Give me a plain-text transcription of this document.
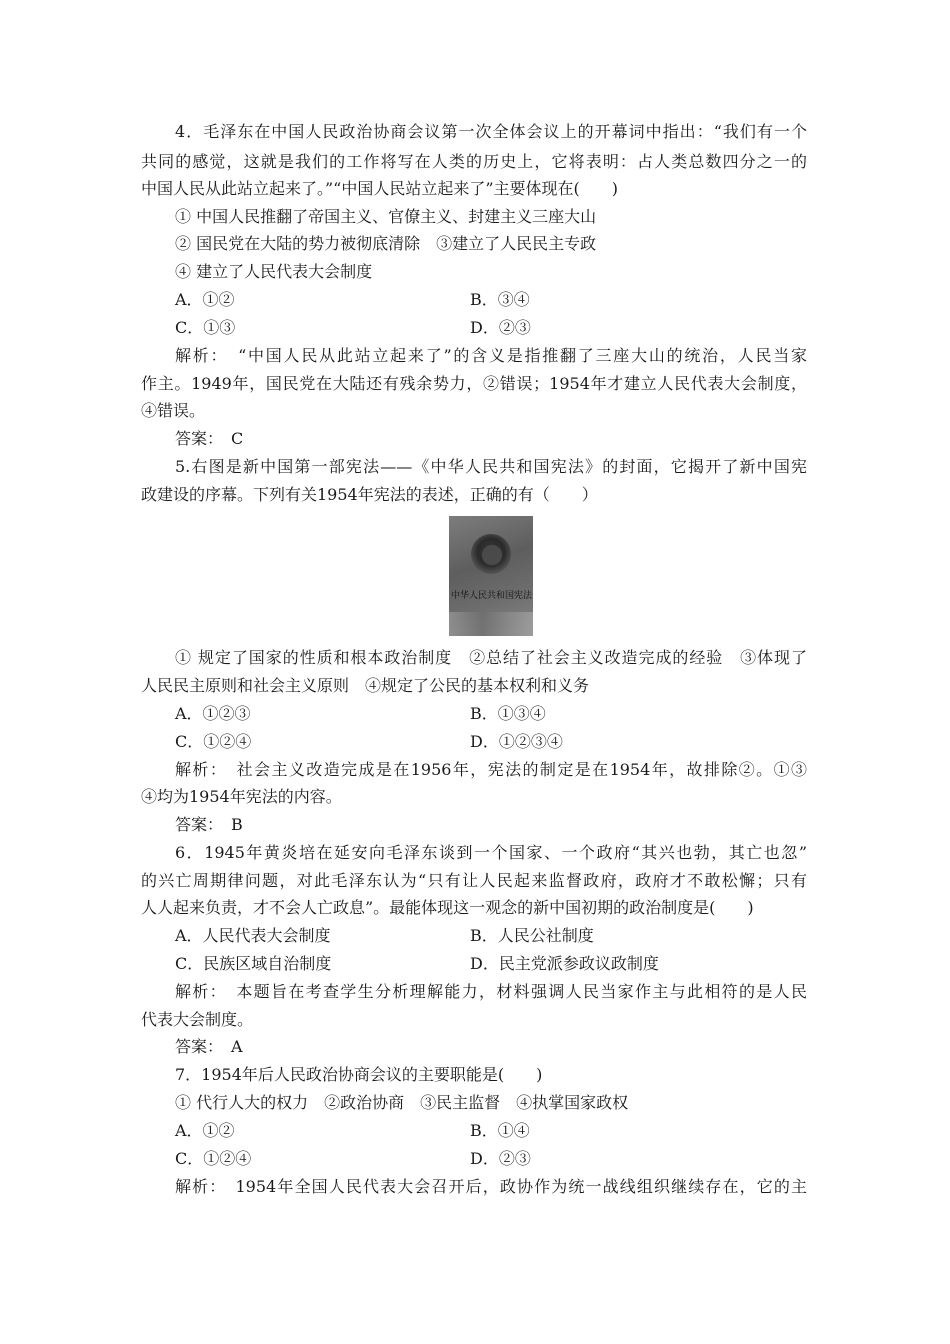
4．毛泽东在中国人民政治协商会议第一次全体会议上的开幕词中指出：“我们有一个
共同的感觉，这就是我们的工作将写在人类的历史上，它将表明：占人类总数四分之一的
中国人民从此站立起来了。”“中国人民站立起来了”主要体现在(　　)
① 中国人民推翻了帝国主义、官僚主义、封建主义三座大山
② 国民党在大陆的势力被彻底清除　③建立了人民民主专政
④ 建立了人民代表大会制度
A．①②	B．③④
C．①③	D．②③
解析：　“中国人民从此站立起来了”的含义是指推翻了三座大山的统治，人民当家
作主。1949年，国民党在大陆还有残余势力，②错误；1954年才建立人民代表大会制度，
④错误。
答案：　C
5.右图是新中国第一部宪法——《中华人民共和国宪法》的封面，它揭开了新中国宪
政建设的序幕。下列有关1954年宪法的表述，正确的有（　　）
中华人民共和国宪法
① 规定了国家的性质和根本政治制度　②总结了社会主义改造完成的经验　③体现了
人民民主原则和社会主义原则　④规定了公民的基本权利和义务
A．①②③	B．①③④
C．①②④	D．①②③④
解析：　社会主义改造完成是在1956年，宪法的制定是在1954年，故排除②。①③
④均为1954年宪法的内容。
答案：　B
6．1945年黄炎培在延安向毛泽东谈到一个国家、一个政府“其兴也勃，其亡也忽”
的兴亡周期律问题，对此毛泽东认为“只有让人民起来监督政府，政府才不敢松懈；只有
人人起来负责，才不会人亡政息”。最能体现这一观念的新中国初期的政治制度是(　　)
A．人民代表大会制度	B．人民公社制度
C．民族区域自治制度	D．民主党派参政议政制度
解析：　本题旨在考查学生分析理解能力，材料强调人民当家作主与此相符的是人民
代表大会制度。
答案：　A
7．1954年后人民政治协商会议的主要职能是(　　)
① 代行人大的权力　②政治协商　③民主监督　④执掌国家政权
A．①②	B．①④
C．①②④	D．②③
解析：　1954年全国人民代表大会召开后，政协作为统一战线组织继续存在，它的主
